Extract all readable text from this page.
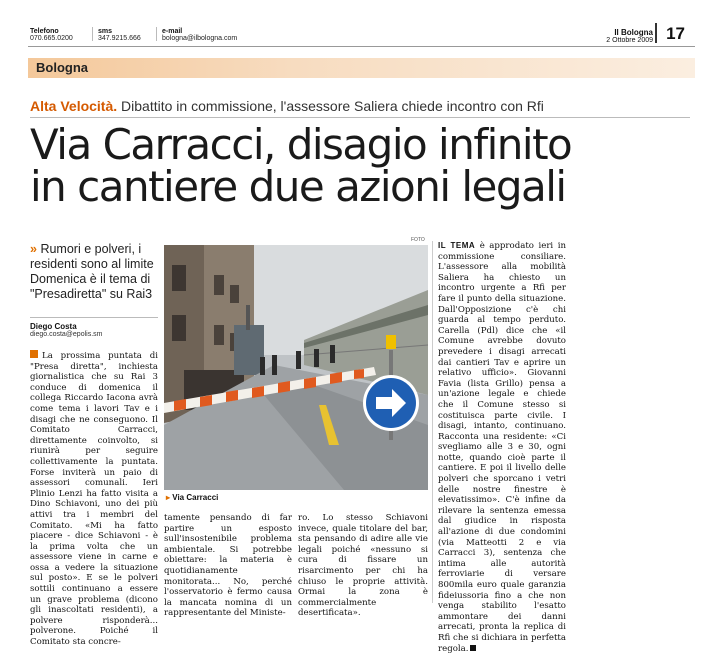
Telefono
070.665.0200
sms
347.9215.666
e-mail
bologna@ilbologna.com
Il Bologna
2 Ottobre 2009 17
Bologna
Alta Velocità. Dibattito in commissione, l'assessore Saliera chiede incontro con Rfi
Via Carracci, disagio infinito
in cantiere due azioni legali
» Rumori e polveri, i residenti sono al limite Domenica è il tema di "Presadiretta" su Rai3
Diego Costa
diego.costa@epolis.sm
La prossima puntata di "Presa diretta", inchiesta giornalistica che su Rai 3 conduce di domenica il collega Riccardo Iacona avrà come tema i lavori Tav e i disagi che ne conseguono. Il Comitato Carracci, direttamente coinvolto, si riunirà per seguire collettivamente la puntata. Forse inviterà un paio di assessori comunali. Ieri Plinio Lenzi ha fatto visita a Dino Schiavoni, uno dei più attivi tra i membri del Comitato. «Mi ha fatto piacere - dice Schiavoni - è la prima volta che un assessore viene in carne e ossa a vedere la situazione sul posto». E se le polveri sottili continuano a essere un grave problema (dicono gli inascoltati residenti), a polvere risponderà... polverone. Poiché il Comitato sta concre-
FOTO
▸ Via Carracci
tamente pensando di far partire un esposto sull'insostenibile problema ambientale. Si potrebbe obiettare: la materia è quotidianamente monitorata... No, perché l'osservatorio è fermo causa la mancata nomina di un rappresentante del Ministe-
ro. Lo stesso Schiavoni invece, quale titolare del bar, sta pensando di adire alle vie legali poiché «nessuno si cura di fissare un risarcimento per chi ha chiuso le proprie attività. Ormai la zona è commercialmente desertificata».
IL TEMA è approdato ieri in commissione consiliare. L'assessore alla mobilità Saliera ha chiesto un incontro urgente a Rfi per fare il punto della situazione. Dall'Opposizione c'è chi guarda al tempo perduto. Carella (Pdl) dice che «il Comune avrebbe dovuto prevedere i disagi arrecati dai cantieri Tav e aprire un relativo ufficio». Giovanni Favia (lista Grillo) pensa a un'azione legale e chiede che il Comune stesso si costituisca parte civile. I disagi, intanto, continuano. Racconta una residente: «Ci svegliamo alle 3 e 30, ogni notte, quando cioè parte il cantiere. E poi il livello delle polveri che sporcano i vetri delle nostre finestre è elevatissimo». C'è infine da rilevare la sentenza emessa dal giudice in risposta all'azione di due condomini (via Matteotti 2 e via Carracci 3), sentenza che intima alle autorità ferroviarie di versare 800mila euro quale garanzia fideiussoria fino a che non venga stabilito l'esatto ammontare dei danni arrecati, pronta la replica di Rfi che si dichiara in perfetta regola.
